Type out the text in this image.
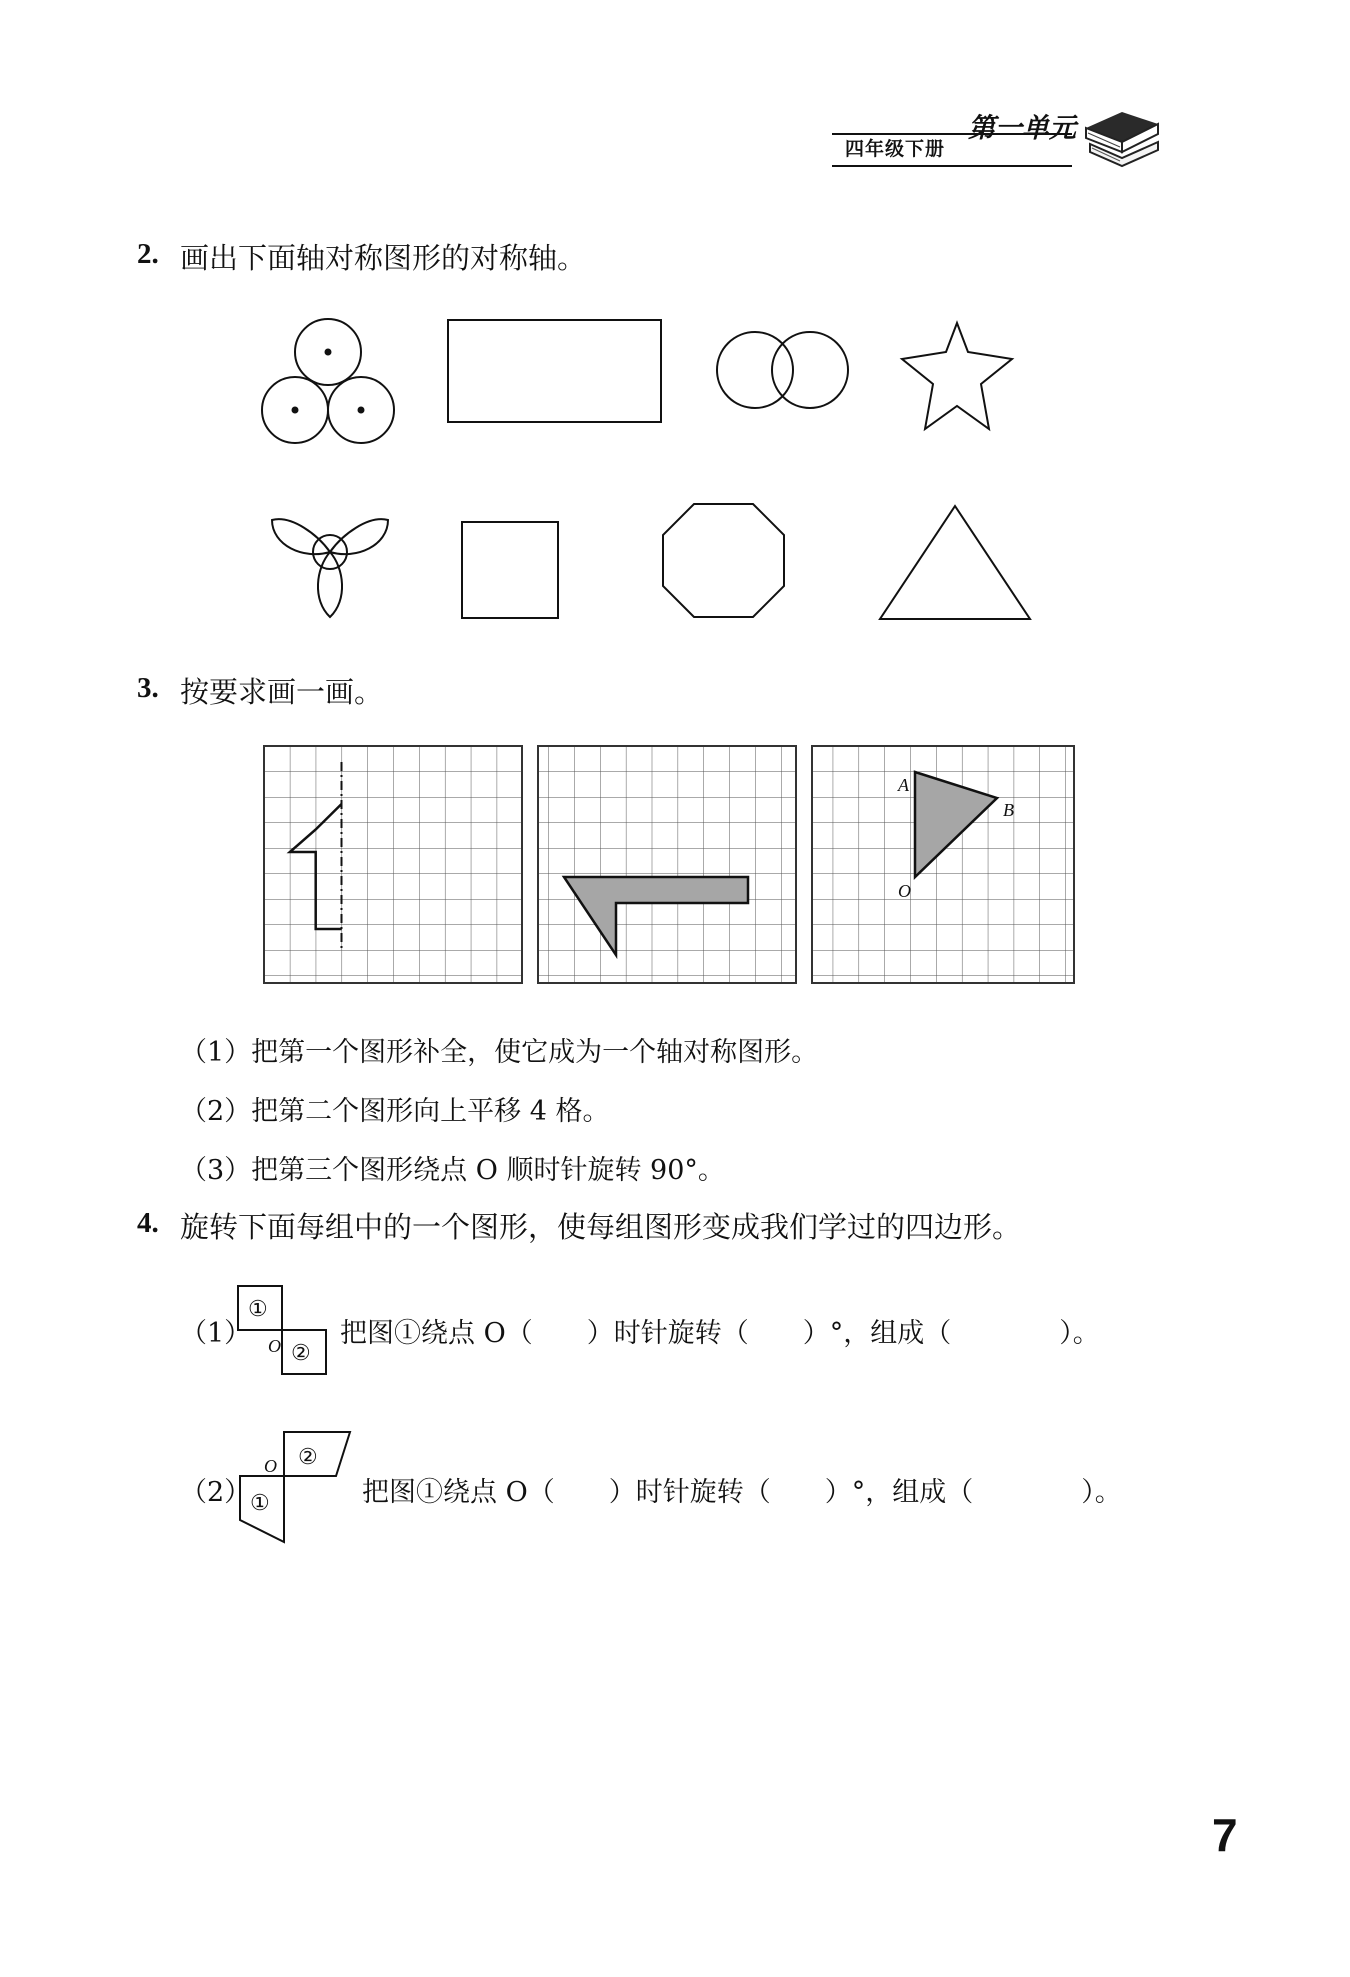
四年级下册
第一单元
2. 画出下面轴对称图形的对称轴。
3. 按要求画一画。
A
B
O
（1）把第一个图形补全，使它成为一个轴对称图形。
（2）把第二个图形向上平移 4 格。
（3）把第三个图形绕点 O 顺时针旋转 90°。
4. 旋转下面每组中的一个图形，使每组图形变成我们学过的四边形。
（1）
①
②
O 把图①绕点 O（　　）时针旋转（　　）°，组成（　　　　）。
（2）
②
①
O
把图①绕点 O（　　）时针旋转（　　）°，组成（　　　　）。
7
